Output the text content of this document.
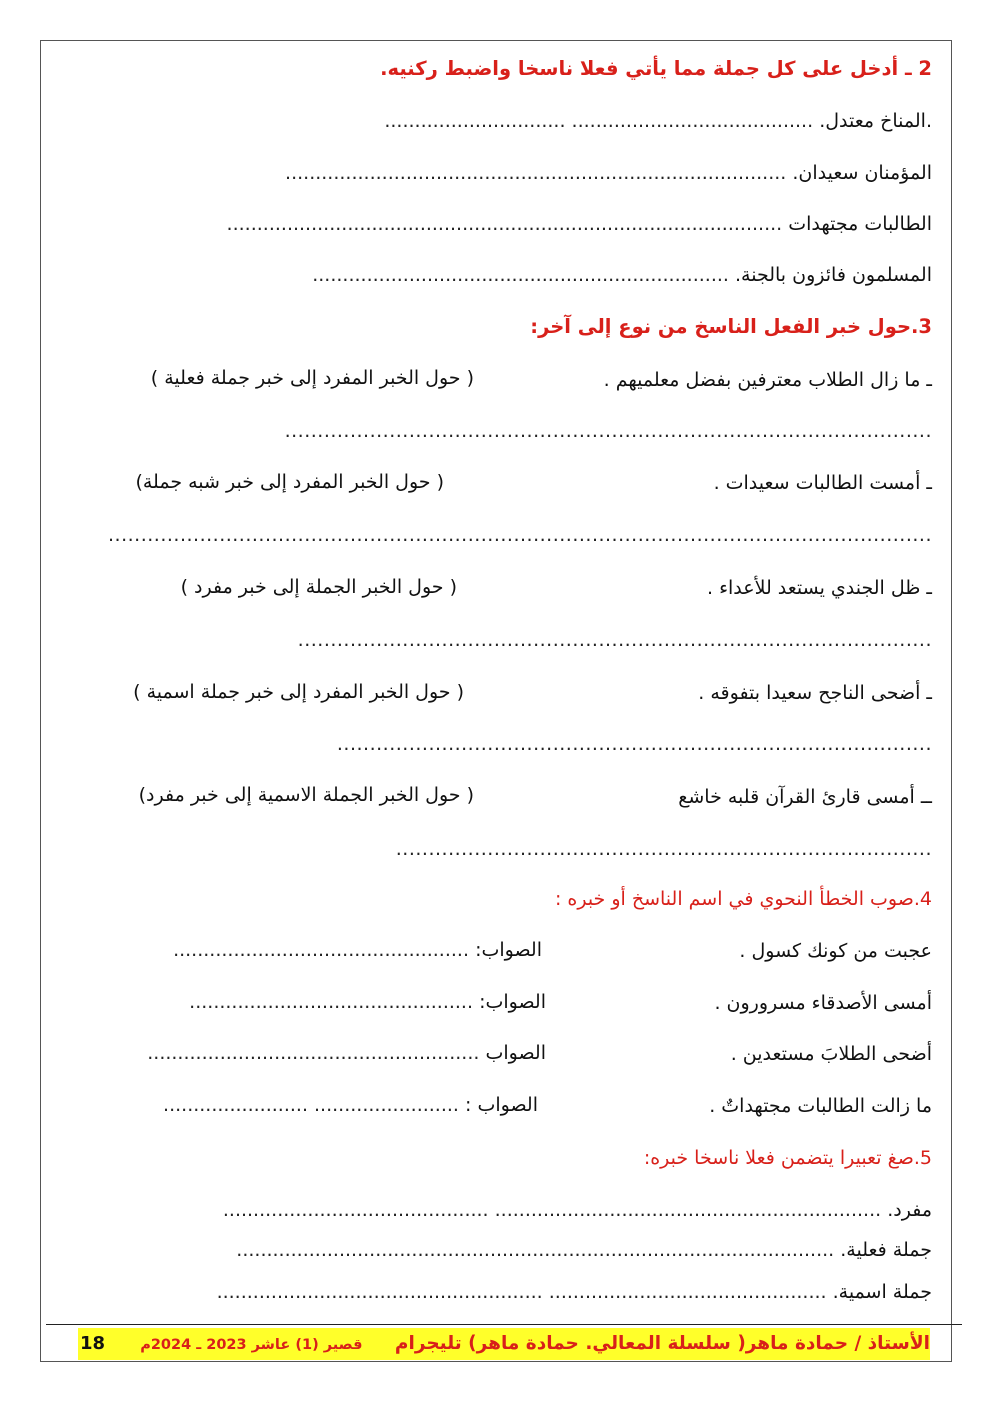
2 ـ أدخل على كل جملة مما يأتي فعلا ناسخا واضبط ركنيه.
.المناخ معتدل. ........................................ ..............................
المؤمنان سعيدان. ...................................................................................
الطالبات مجتهدات ............................................................................................
المسلمون فائزون بالجنة. .....................................................................
3.حول خبر الفعل الناسخ من نوع إلى آخر:
ـ ما زال الطلاب معترفين بفضل معلميهم .
( حول الخبر المفرد إلى خبر جملة فعلية )
...................................................................................................
ـ أمست الطالبات سعيدات .
( حول الخبر المفرد إلى خبر شبه جملة)
..............................................................................................................................
ـ ظل الجندي يستعد للأعداء .
( حول الخبر الجملة إلى خبر مفرد )
.................................................................................................
ـ أضحى الناجح سعيدا بتفوقه .
( حول الخبر المفرد إلى خبر جملة اسمية )
...........................................................................................
ــ أمسى قارئ القرآن قلبه خاشع
( حول الخبر الجملة الاسمية إلى خبر مفرد)
..................................................................................
4.صوب الخطأ النحوي في اسم الناسخ أو خبره :
عجبت من كونك كسول .
الصواب: .................................................
أمسى الأصدقاء مسرورون .
الصواب: ...............................................
أضحى الطلابَ مستعدين .
الصواب .......................................................
ما زالت الطالبات مجتهداتٌ .
الصواب : ........................ ........................
5.صغ تعبيرا يتضمن فعلا ناسخا خبره:
مفرد. ................................................................ ............................................
جملة فعلية. ...................................................................................................
جملة اسمية. .............................................. ......................................................
الأستاذ / حمادة ماهر( سلسلة المعالي. حمادة ماهر) تليجرام قصير (1) عاشر 2023 ـ 2024م
18
